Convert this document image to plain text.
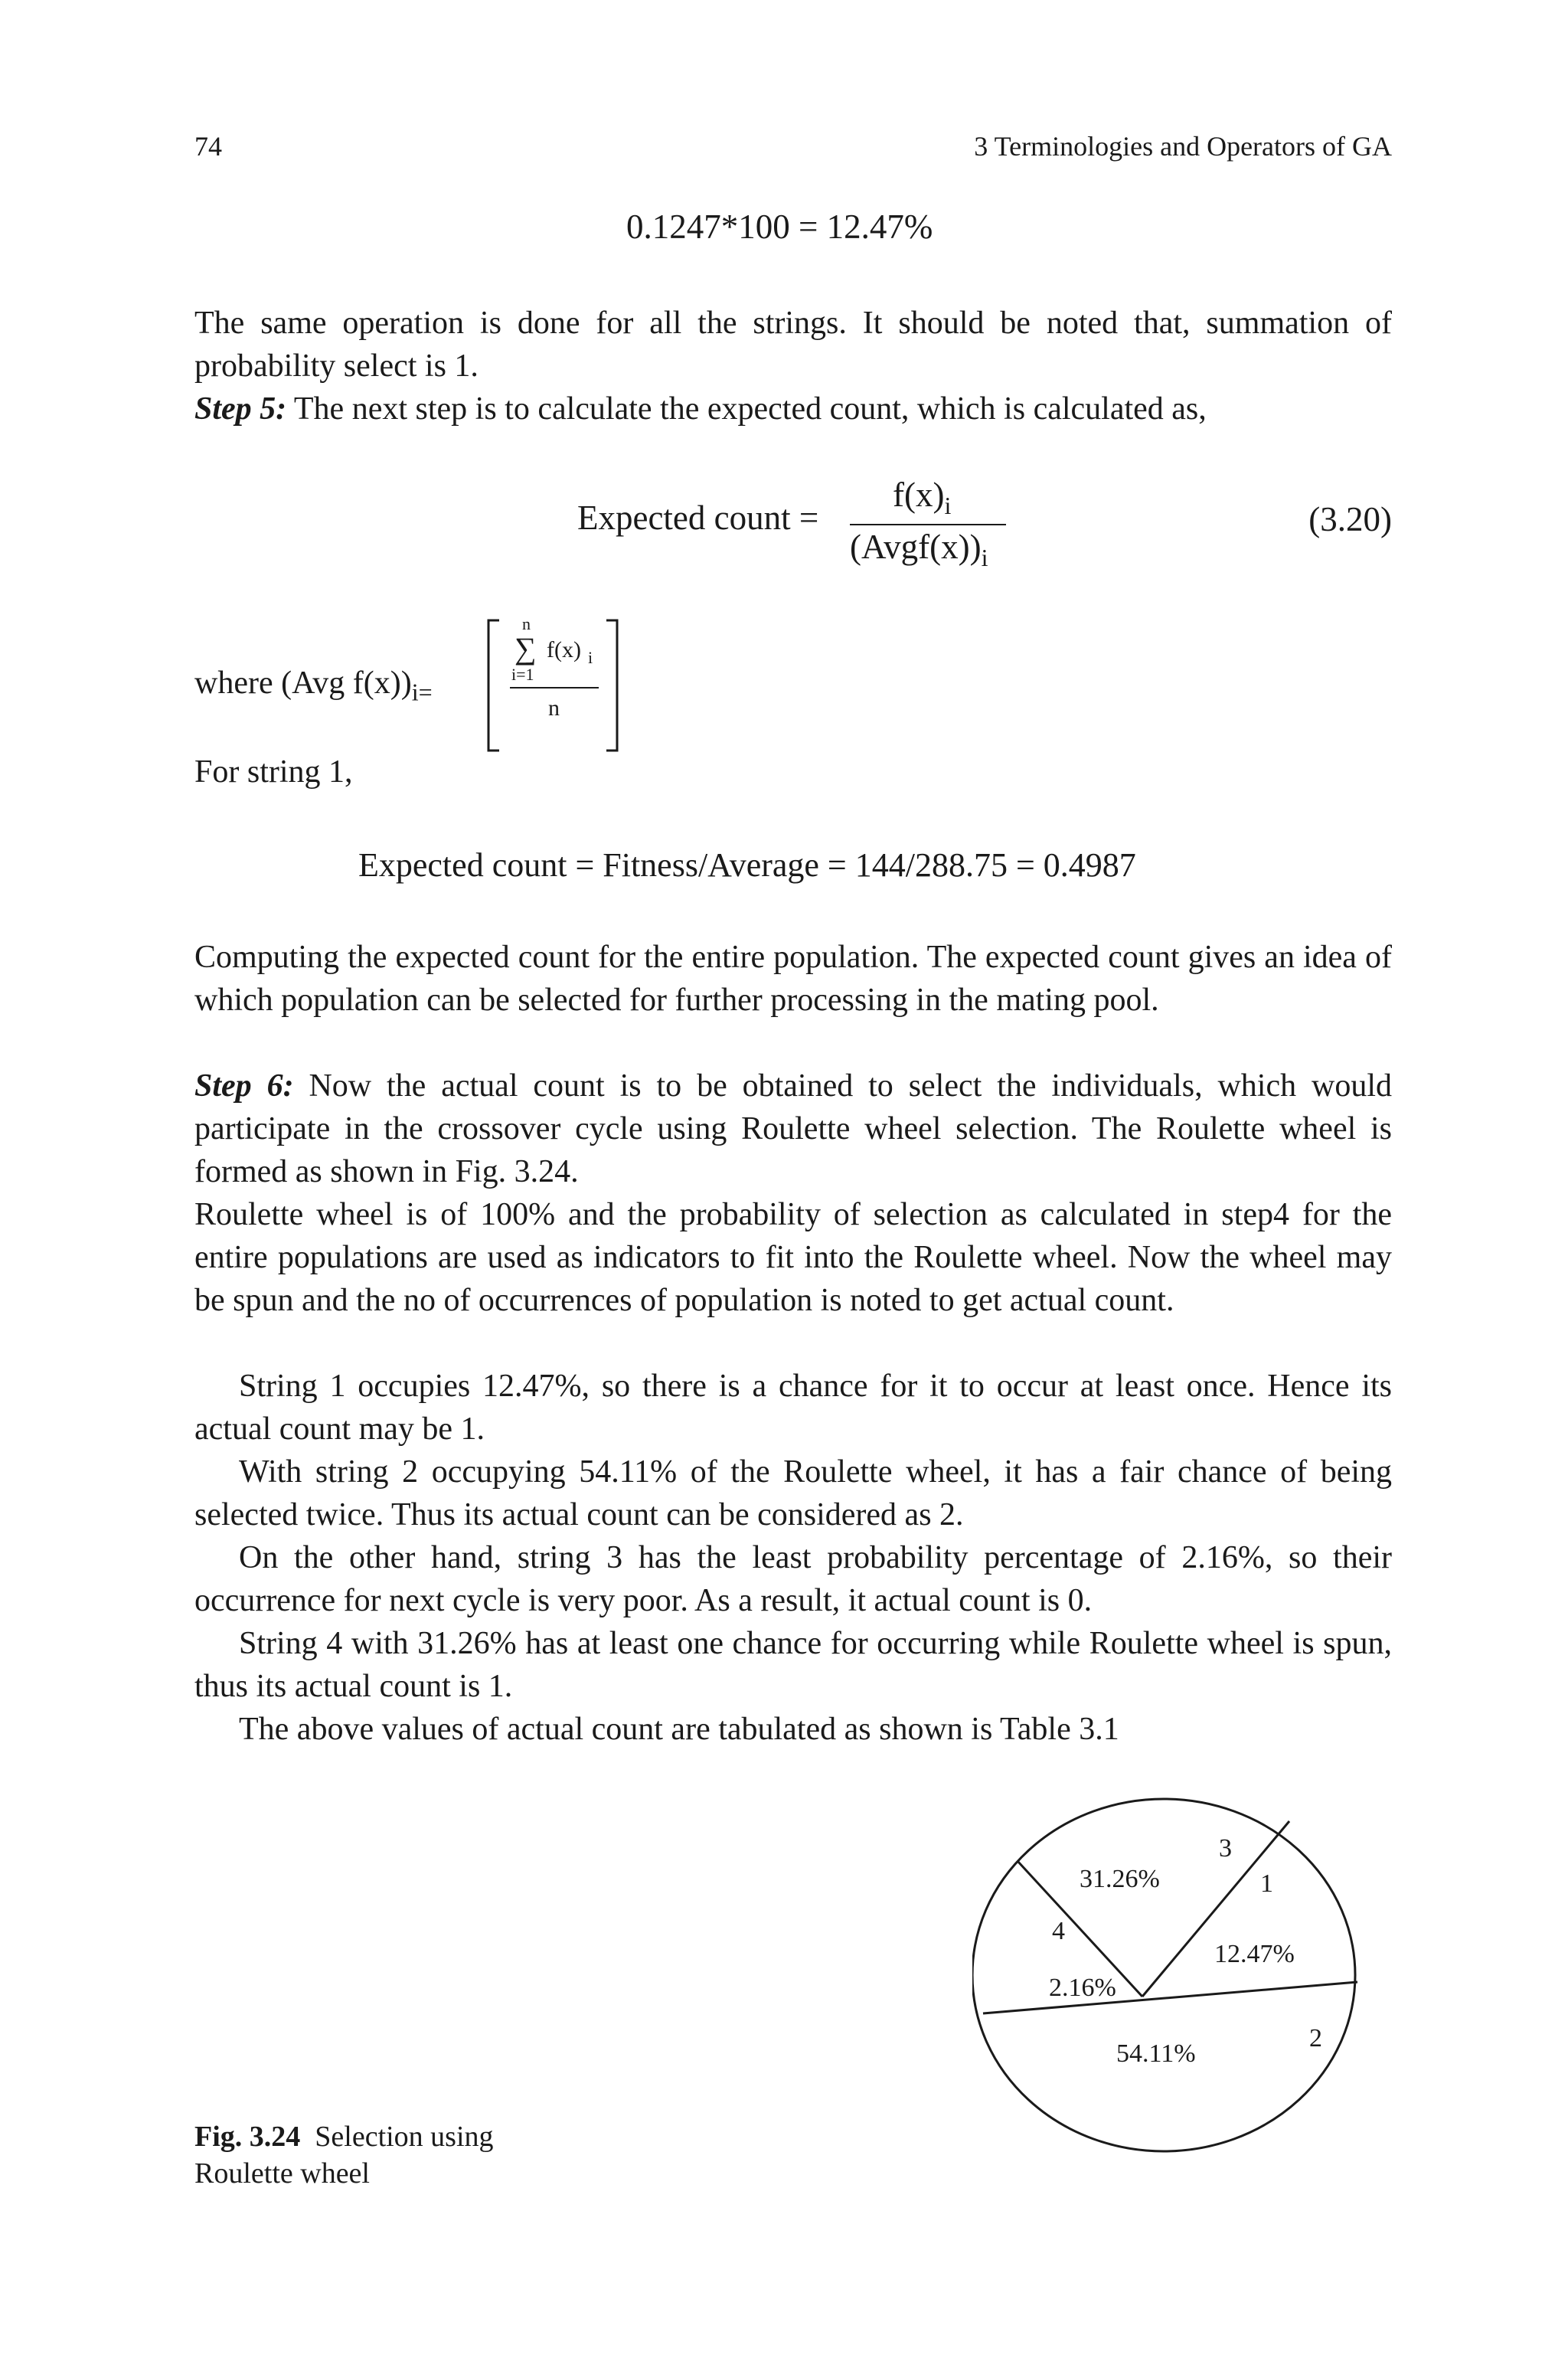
74	3 Terminologies and Operators of GA
0.1247*100 = 12.47%
The same operation is done for all the strings. It should be noted that, summation of probability select is 1.
Step 5: The next step is to calculate the expected count, which is calculated as,
Expected count =
$f(x)_i$
$(Avgf(x))_i$
(3.20)
where (Avg $f(x))_{i=}$
n
∑ f(x) i
i=1
n
For string 1,
Expected count = Fitness/Average = 144/288.75 = 0.4987
Computing the expected count for the entire population. The expected count gives an idea of which population can be selected for further processing in the mating pool.
Step 6: Now the actual count is to be obtained to select the individuals, which would participate in the crossover cycle using Roulette wheel selection. The Roulette wheel is formed as shown in Fig. 3.24.
Roulette wheel is of 100% and the probability of selection as calculated in step4 for the entire populations are used as indicators to fit into the Roulette wheel. Now the wheel may be spun and the no of occurrences of population is noted to get actual count.
String 1 occupies 12.47%, so there is a chance for it to occur at least once. Hence its actual count may be 1.
With string 2 occupying 54.11% of the Roulette wheel, it has a fair chance of being selected twice. Thus its actual count can be considered as 2.
On the other hand, string 3 has the least probability percentage of 2.16%, so their occurrence for next cycle is very poor. As a result, it actual count is 0.
String 4 with 31.26% has at least one chance for occurring while Roulette wheel is spun, thus its actual count is 1.
The above values of actual count are tabulated as shown is Table 3.1
31.26%
3
1
4
12.47%
2.16%
2
54.11%
Fig. 3.24  Selection using
Roulette wheel
